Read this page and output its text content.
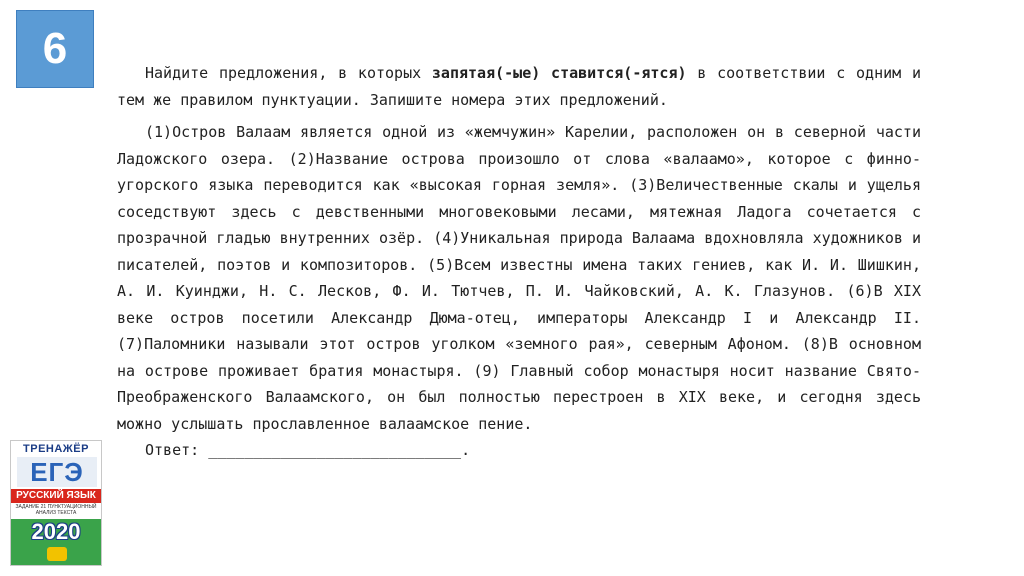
6	Найдите предложения, в которых запятая(-ые) ставится(-ятся) в соответствии с одним и тем же правилом пунктуации. Запишите номера этих предложений.

(1)Остров Валаам является одной из «жемчужин» Карелии, расположен он в северной части Ладожского озера. (2)Название острова произошло от слова «валаамо», которое с финно-угорского языка переводится как «высокая горная земля». (3)Величественные скалы и ущелья соседствуют здесь с девственными многовековыми лесами, мятежная Ладога сочетается с прозрачной гладью внутренних озёр. (4)Уникальная природа Валаама вдохновляла художников и писателей, поэтов и композиторов. (5)Всем известны имена таких гениев, как И. И. Шишкин, А. И. Куинджи, Н. С. Лесков, Ф. И. Тютчев, П. И. Чайковский, А. К. Глазунов. (6)В XIX веке остров посетили Александр Дюма-отец, императоры Александр I и Александр II. (7)Паломники называли этот остров уголком «земного рая», северным Афоном. (8)В основном на острове проживает братия монастыря. (9) Главный собор монастыря носит название Свято-Преображенского Валаамского, он был полностью перестроен в XIX веке, и сегодня здесь можно услышать прославленное валаамское пение.

Ответ: ____________________________.

ТРЕНАЖЁР
ЕГЭ
РУССКИЙ ЯЗЫК
ЗАДАНИЕ 21 ПУНКТУАЦИОННЫЙ АНАЛИЗ ТЕКСТА
2020
